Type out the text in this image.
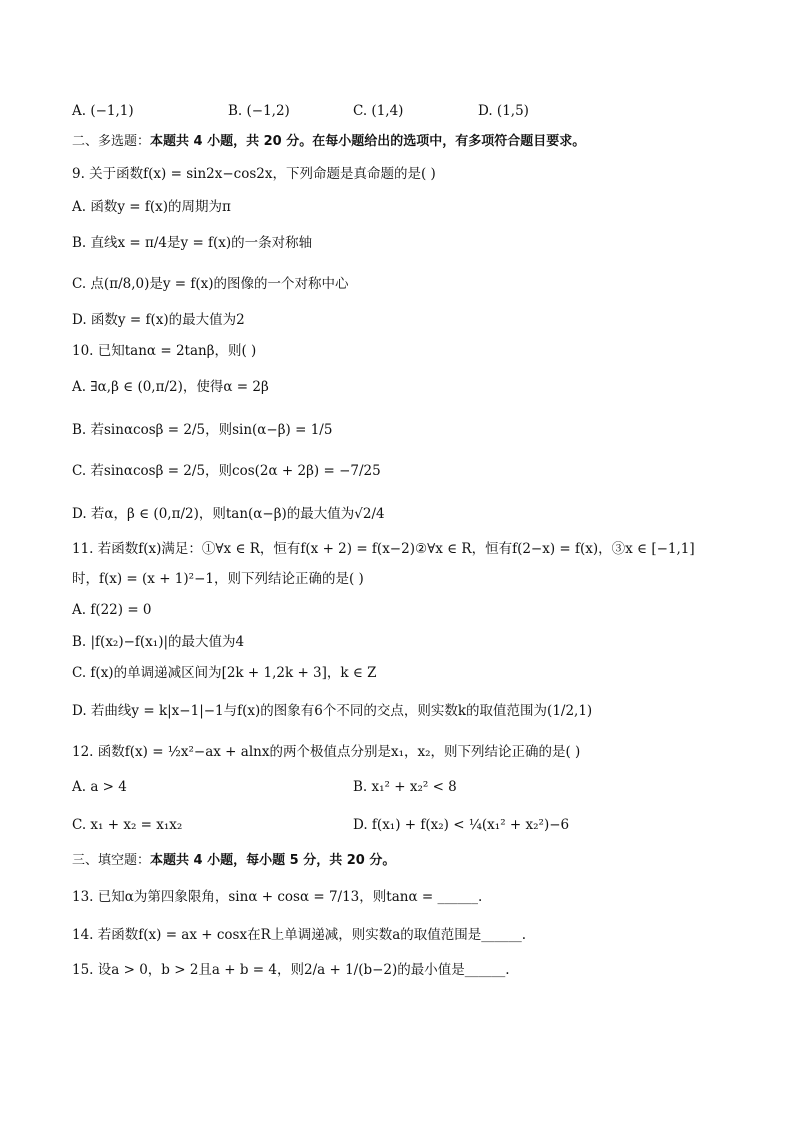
A. (−1,1)	B. (−1,2)	C. (1,4)	D. (1,5)
二、多选题：本题共 4 小题，共 20 分。在每小题给出的选项中，有多项符合题目要求。
9. 关于函数f(x) = sin2x−cos2x，下列命题是真命题的是( )
A. 函数y = f(x)的周期为π
B. 直线x = π/4是y = f(x)的一条对称轴
C. 点(π/8,0)是y = f(x)的图像的一个对称中心
D. 函数y = f(x)的最大值为2
10. 已知tanα = 2tanβ，则( )
A. ∃α,β ∈ (0,π/2)，使得α = 2β
B. 若sinαcosβ = 2/5，则sin(α−β) = 1/5
C. 若sinαcosβ = 2/5，则cos(2α + 2β) = −7/25
D. 若α，β ∈ (0,π/2)，则tan(α−β)的最大值为√2/4
11. 若函数f(x)满足：①∀x ∈ R，恒有f(x + 2) = f(x−2)②∀x ∈ R，恒有f(2−x) = f(x)，③x ∈ [−1,1]
时，f(x) = (x + 1)²−1，则下列结论正确的是( )
A. f(22) = 0
B. |f(x₂)−f(x₁)|的最大值为4
C. f(x)的单调递减区间为[2k + 1,2k + 3]，k ∈ Z
D. 若曲线y = k|x−1|−1与f(x)的图象有6个不同的交点，则实数k的取值范围为(1/2,1)
12. 函数f(x) = ½x²−ax + alnx的两个极值点分别是x₁，x₂，则下列结论正确的是( )
A. a > 4	B. x₁² + x₂² < 8
C. x₁ + x₂ = x₁x₂	D. f(x₁) + f(x₂) < ¼(x₁² + x₂²)−6
三、填空题：本题共 4 小题，每小题 5 分，共 20 分。
13. 已知α为第四象限角，sinα + cosα = 7/13，则tanα = ______.
14. 若函数f(x) = ax + cosx在R上单调递减，则实数a的取值范围是______.
15. 设a > 0，b > 2且a + b = 4，则2/a + 1/(b−2)的最小值是______.
